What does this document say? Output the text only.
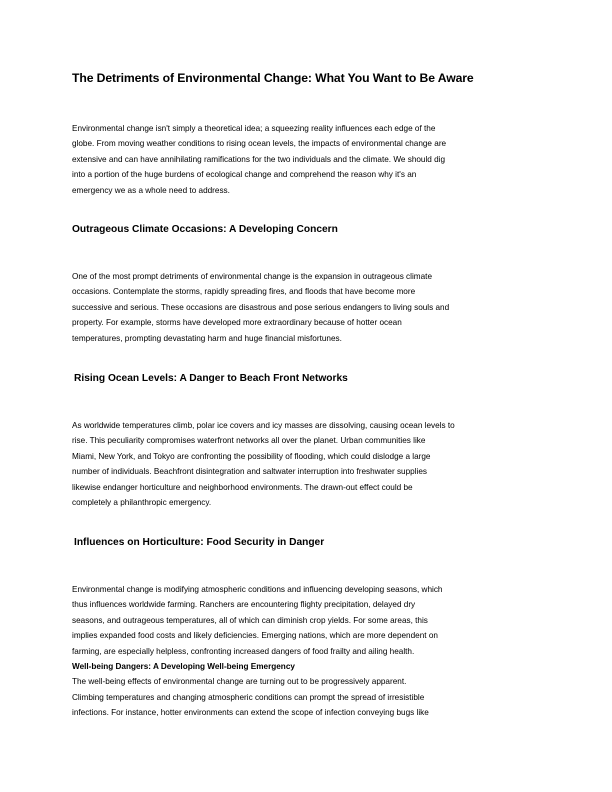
The Detriments of Environmental Change: What You Want to Be Aware
Environmental change isn't simply a theoretical idea; a squeezing reality influences each edge of the
globe. From moving weather conditions to rising ocean levels, the impacts of environmental change are
extensive and can have annihilating ramifications for the two individuals and the climate. We should dig
into a portion of the huge burdens of ecological change and comprehend the reason why it's an
emergency we as a whole need to address.
Outrageous Climate Occasions: A Developing Concern
One of the most prompt detriments of environmental change is the expansion in outrageous climate
occasions. Contemplate the storms, rapidly spreading fires, and floods that have become more
successive and serious. These occasions are disastrous and pose serious endangers to living souls and
property. For example, storms have developed more extraordinary because of hotter ocean
temperatures, prompting devastating harm and huge financial misfortunes.
Rising Ocean Levels: A Danger to Beach Front Networks
As worldwide temperatures climb, polar ice covers and icy masses are dissolving, causing ocean levels to
rise. This peculiarity compromises waterfront networks all over the planet. Urban communities like
Miami, New York, and Tokyo are confronting the possibility of flooding, which could dislodge a large
number of individuals. Beachfront disintegration and saltwater interruption into freshwater supplies
likewise endanger horticulture and neighborhood environments. The drawn-out effect could be
completely a philanthropic emergency.
Influences on Horticulture: Food Security in Danger
Environmental change is modifying atmospheric conditions and influencing developing seasons, which
thus influences worldwide farming. Ranchers are encountering flighty precipitation, delayed dry
seasons, and outrageous temperatures, all of which can diminish crop yields. For some areas, this
implies expanded food costs and likely deficiencies. Emerging nations, which are more dependent on
farming, are especially helpless, confronting increased dangers of food frailty and ailing health.
Well-being Dangers: A Developing Well-being Emergency
The well-being effects of environmental change are turning out to be progressively apparent.
Climbing temperatures and changing atmospheric conditions can prompt the spread of irresistible
infections. For instance, hotter environments can extend the scope of infection conveying bugs like
